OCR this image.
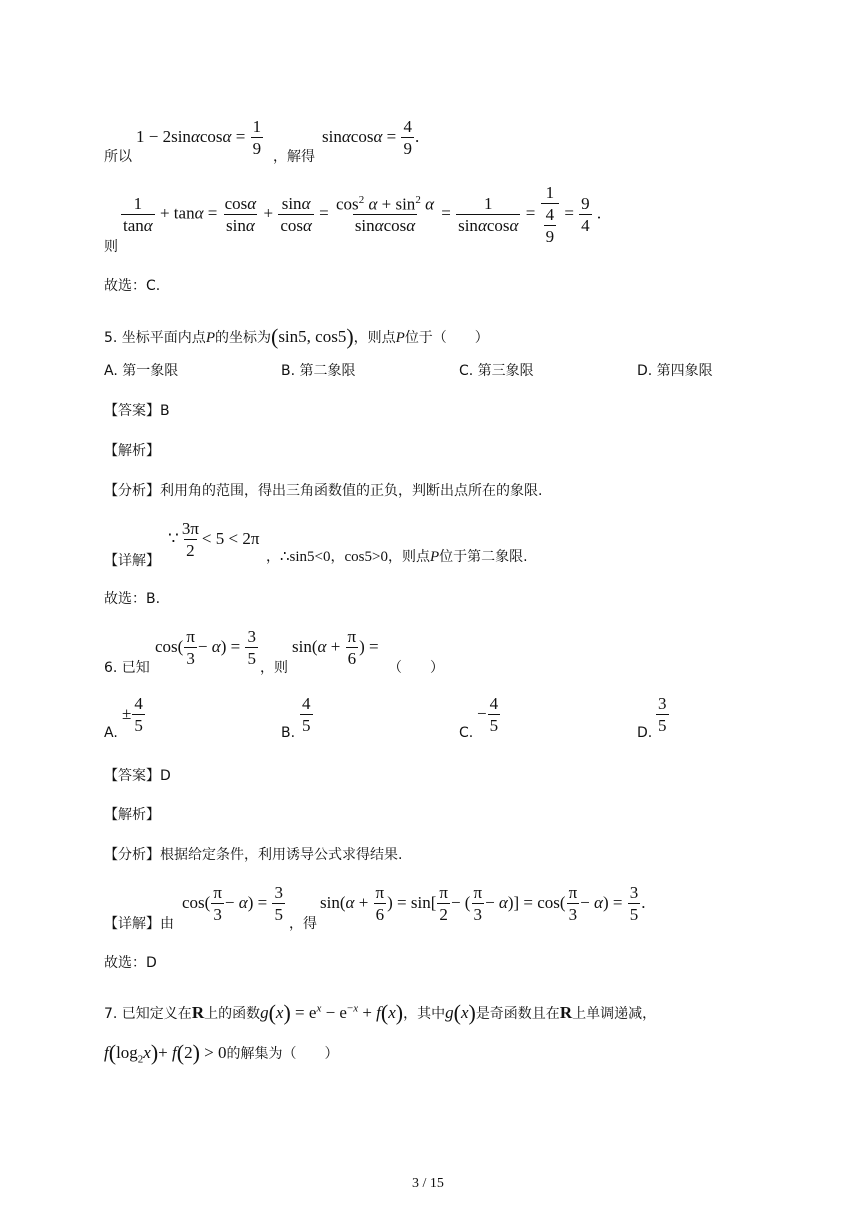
$1 - 2\sin\alpha\cos\alpha = \frac{1}{9}$
所以	，解得
$\sin\alpha\cos\alpha = \frac{4}{9}$ .
则
$\frac{1}{\tan\alpha} + \tan\alpha = \frac{\cos\alpha}{\sin\alpha} + \frac{\sin\alpha}{\cos\alpha} = \frac{\cos^2 \alpha + \sin^2 \alpha}{\sin\alpha\cos\alpha} = \frac{1}{\sin\alpha\cos\alpha} = \frac{1}{\frac{4}{9}} = \frac{9}{4}$ .
故选：C.
5. 坐标平面内点P的坐标为(sin5, cos5)，则点P位于（　　）
A. 第一象限	B. 第二象限	C. 第三象限	D. 第四象限
【答案】B
【解析】
【分析】利用角的范围，得出三角函数值的正负，判断出点所在的象限.
【详解】
∵ $\frac{3\pi}{2} < 5 < 2\pi$
，∴sin5<0，cos5>0，则点P位于第二象限.
故选：B.
6. 已知
$\cos( \frac{\pi}{3} - \alpha) = \frac{3}{5}$
，则
$\sin(\alpha + \frac{\pi}{6}$ ) =
（　　）
A.
± $\frac{4}{5}$	B. $\frac{4}{5}$	C.
− $\frac{4}{5}$	D. $\frac{3}{5}$
【答案】D
【解析】
【分析】根据给定条件，利用诱导公式求得结果.
【详解】由
$\cos( \frac{\pi}{3} - \alpha) = \frac{3}{5}$
，得
$\sin(\alpha + \frac{\pi}{6}$ ) = $\sin[ \frac{\pi}{2}$ − ( $\frac{\pi}{3} - \alpha)] = \cos( \frac{\pi}{3} - \alpha) = \frac{3}{5}$ .
故选：D
7. 已知定义在R上的函数$g(x) = e^x - e^{-x} + f(x)$，其中g(x)是奇函数且在R上单调递减，
$f(\log_2x)+ f(2) > 0$的解集为（　　）
3 / 15
